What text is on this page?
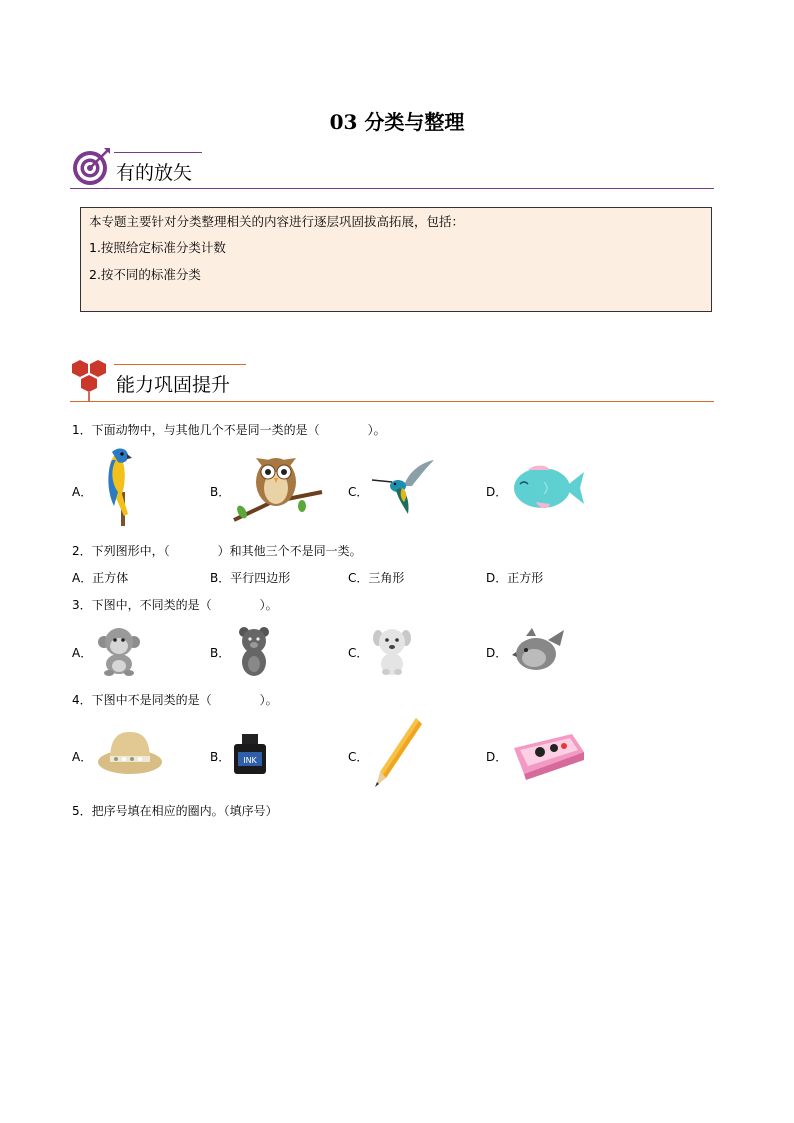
03 分类与整理
有的放矢
本专题主要针对分类整理相关的内容进行逐层巩固拔高拓展，包括：
1.按照给定标准分类计数
2.按不同的标准分类
能力巩固提升
1．下面动物中，与其他几个不是同一类的是（　　　　）。
A．	B．	C．	D．
2．下列图形中，（　　　　）和其他三个不是同一类。
A．正方体	B．平行四边形	C．三角形	D．正方形
3．下图中，不同类的是（　　　　）。
A．	B．	C．	D．
4．下图中不是同类的是（　　　　）。
A．	B．	C．	D．
INK
5．把序号填在相应的圈内。（填序号）
